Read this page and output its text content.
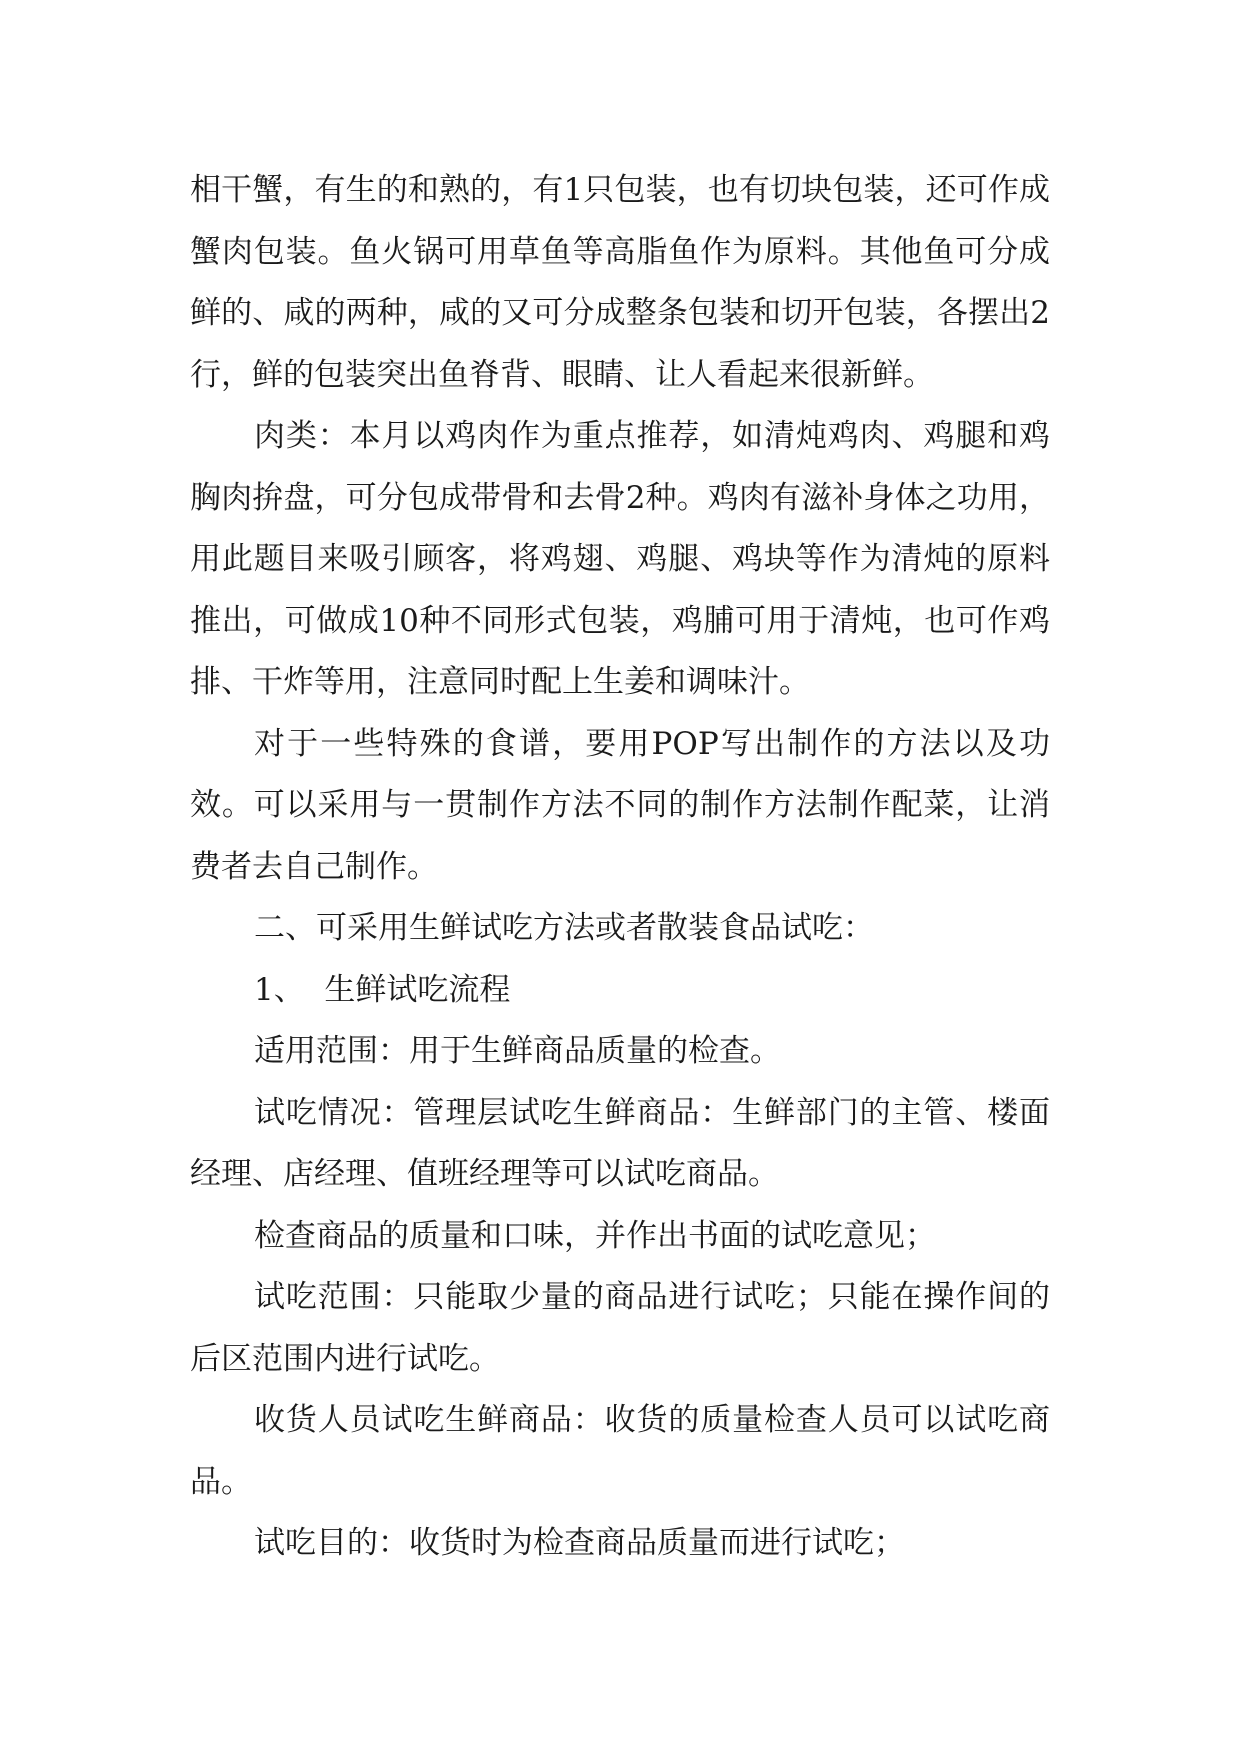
相干蟹，有生的和熟的，有1只包装，也有切块包装，还可作成蟹肉包装。鱼火锅可用草鱼等高脂鱼作为原料。其他鱼可分成鲜的、咸的两种，咸的又可分成整条包装和切开包装，各摆出2行，鲜的包装突出鱼脊背、眼睛、让人看起来很新鲜。

肉类：本月以鸡肉作为重点推荐，如清炖鸡肉、鸡腿和鸡胸肉拚盘，可分包成带骨和去骨2种。鸡肉有滋补身体之功用，用此题目来吸引顾客，将鸡翅、鸡腿、鸡块等作为清炖的原料推出，可做成10种不同形式包装，鸡脯可用于清炖，也可作鸡排、干炸等用，注意同时配上生姜和调味汁。

对于一些特殊的食谱，要用POP写出制作的方法以及功效。可以采用与一贯制作方法不同的制作方法制作配菜，让消费者去自己制作。

二、可采用生鲜试吃方法或者散装食品试吃：

1、  生鲜试吃流程

适用范围：用于生鲜商品质量的检查。

试吃情况：管理层试吃生鲜商品：生鲜部门的主管、楼面经理、店经理、值班经理等可以试吃商品。

检查商品的质量和口味，并作出书面的试吃意见；

试吃范围：只能取少量的商品进行试吃；只能在操作间的后区范围内进行试吃。

收货人员试吃生鲜商品：收货的质量检查人员可以试吃商品。

试吃目的：收货时为检查商品质量而进行试吃；
